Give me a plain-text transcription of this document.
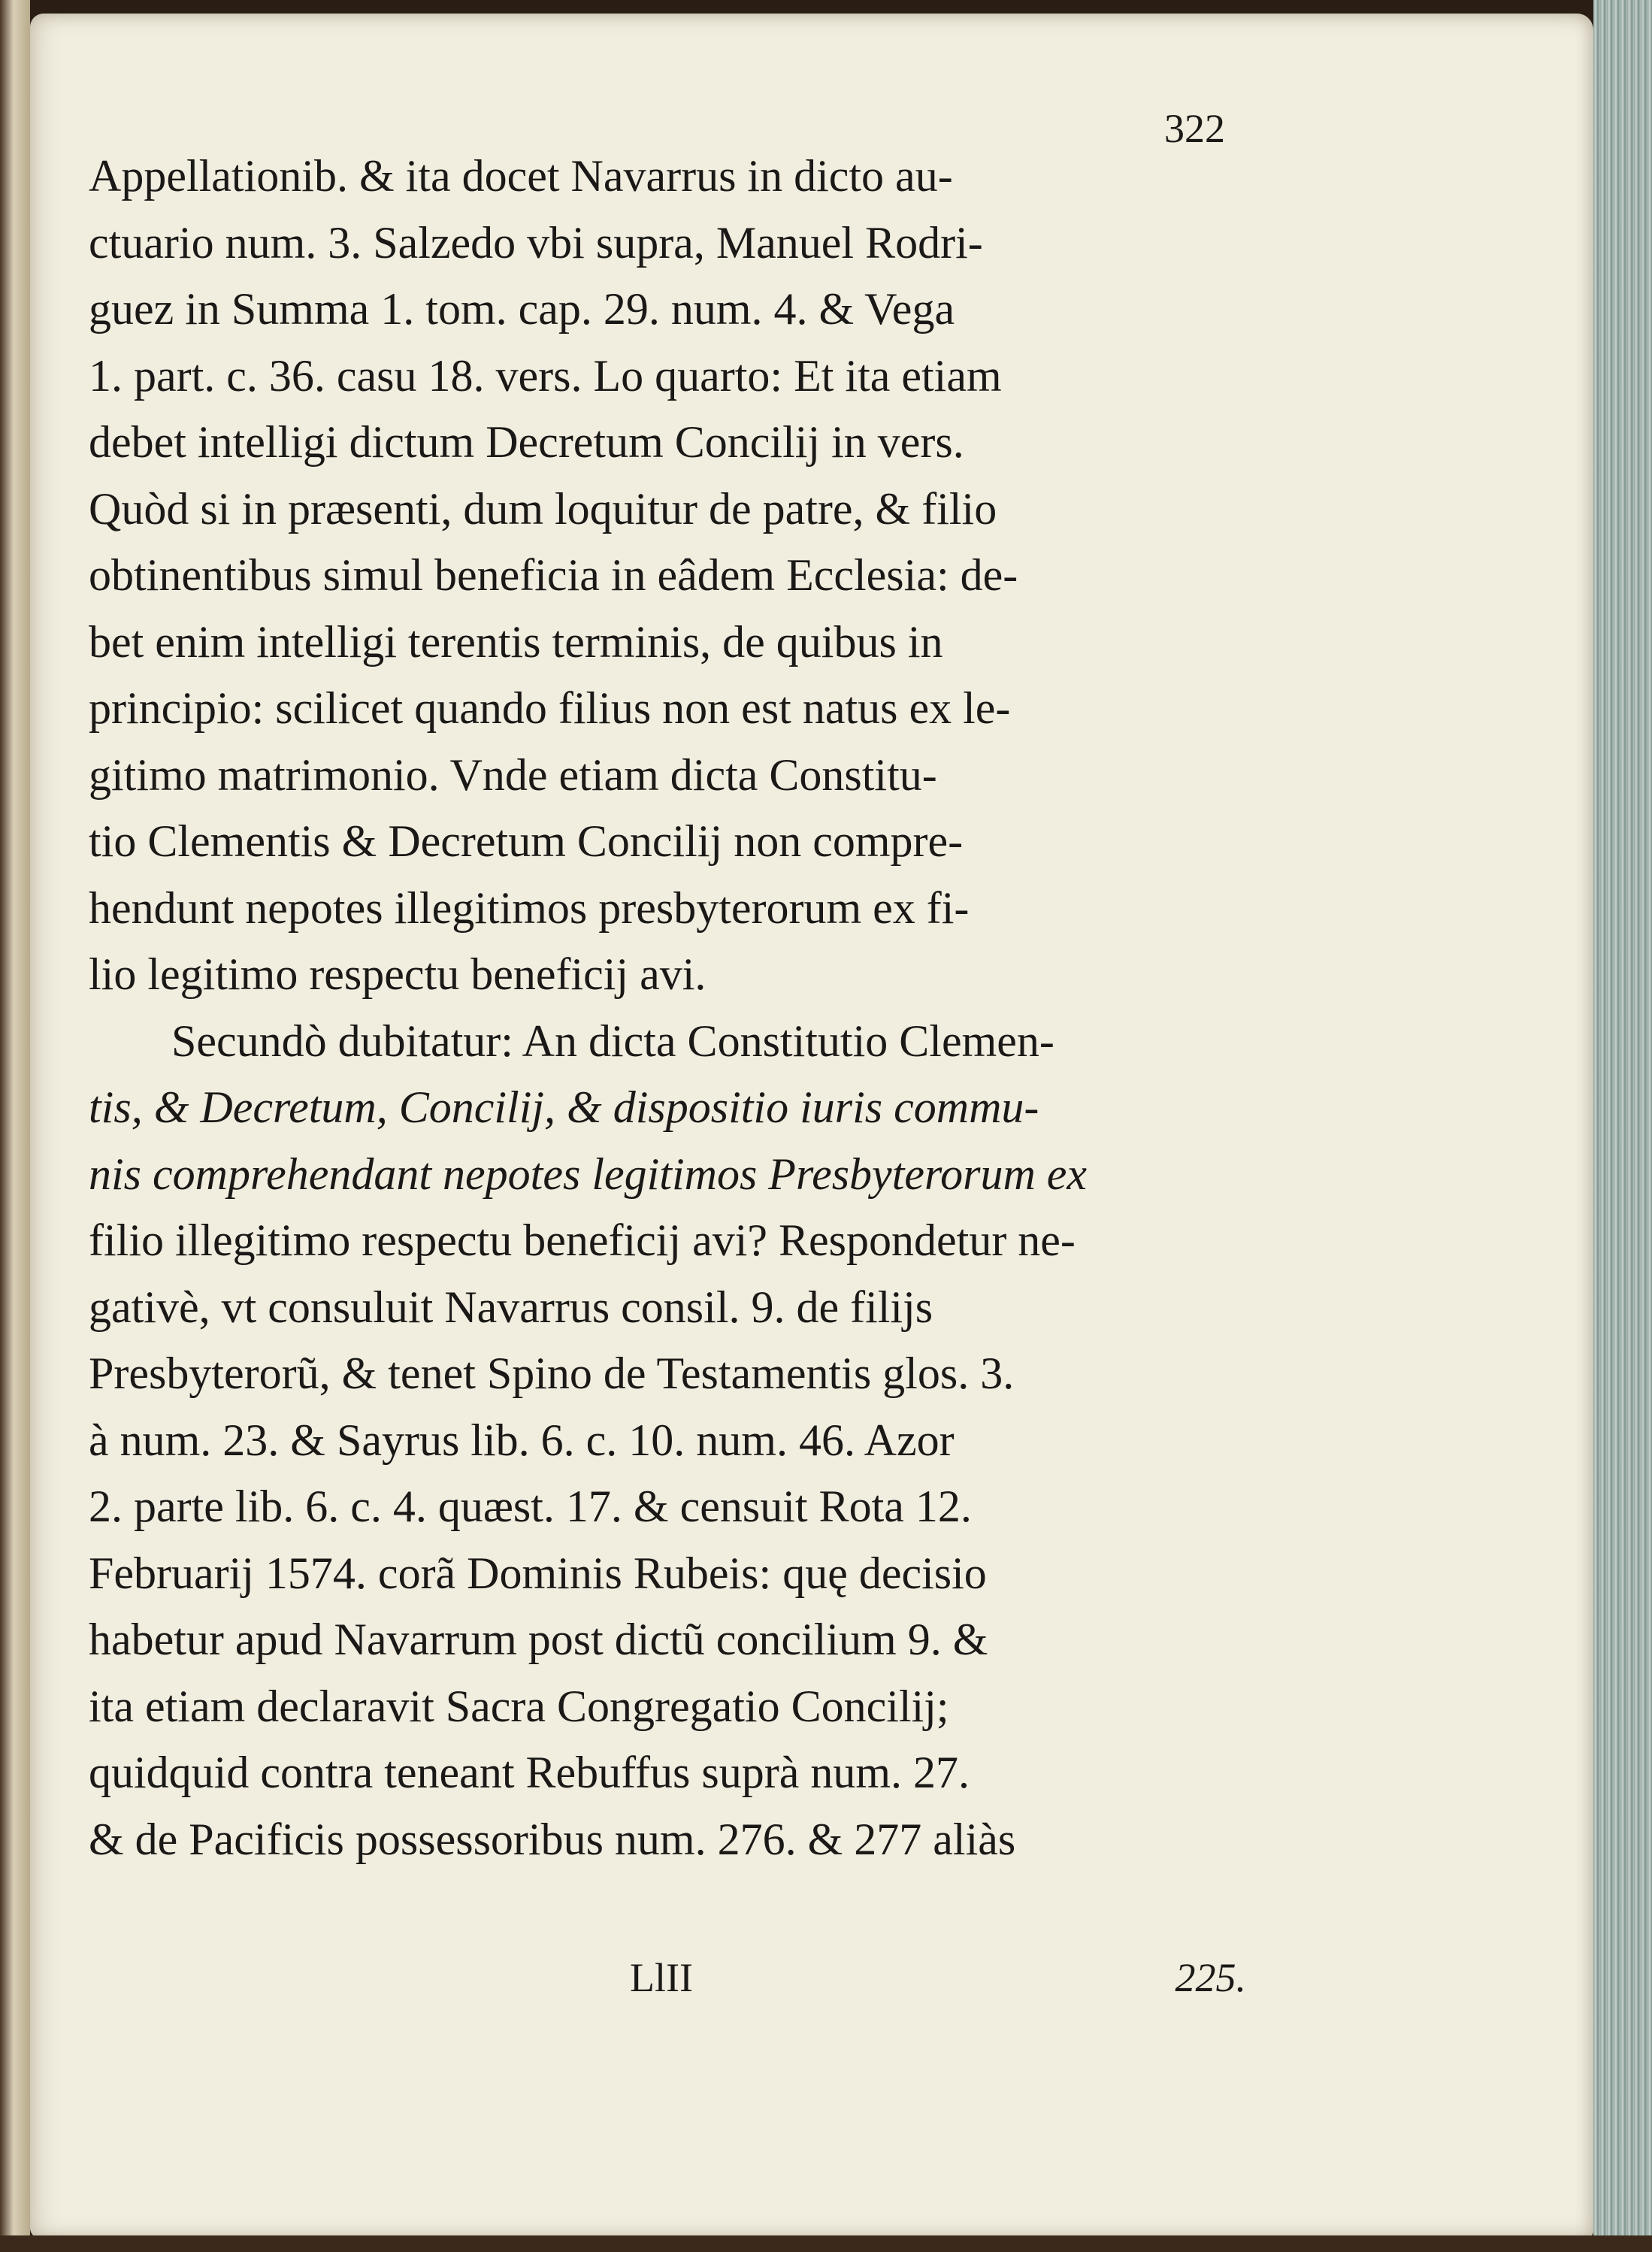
322
Appellationib. & ita docet Navarrus in dicto au-
ctuario num. 3. Salzedo vbi supra, Manuel Rodri-
guez in Summa 1. tom. cap. 29. num. 4. & Vega
1. part. c. 36. casu 18. vers. Lo quarto: Et ita etiam
debet intelligi dictum Decretum Concilij in vers.
Quòd si in præsenti, dum loquitur de patre, & filio
obtinentibus simul beneficia in eâdem Ecclesia: de-
bet enim intelligi terentis terminis, de quibus in
principio: scilicet quando filius non est natus ex le-
gitimo matrimonio. Vnde etiam dicta Constitu-
tio Clementis & Decretum Concilij non compre-
hendunt nepotes illegitimos presbyterorum ex fi-
lio legitimo respectu beneficij avi.
Secundò dubitatur: An dicta Constitutio Clemen-
tis, & Decretum, Concilij, & dispositio iuris commu-
nis comprehendant nepotes legitimos Presbyterorum ex
filio illegitimo respectu beneficij avi? Respondetur ne-
gativè, vt consuluit Navarrus consil. 9. de filijs
Presbyterorũ, & tenet Spino de Testamentis glos. 3.
à num. 23. & Sayrus lib. 6. c. 10. num. 46. Azor
2. parte lib. 6. c. 4. quæst. 17. & censuit Rota 12.
Februarij 1574. corã Dominis Rubeis: quę decisio
habetur apud Navarrum post dictũ concilium 9. &
ita etiam declaravit Sacra Congregatio Concilij;
quidquid contra teneant Rebuffus suprà num. 27.
& de Pacificis possessoribus num. 276. & 277 aliàs
LlII	225.
